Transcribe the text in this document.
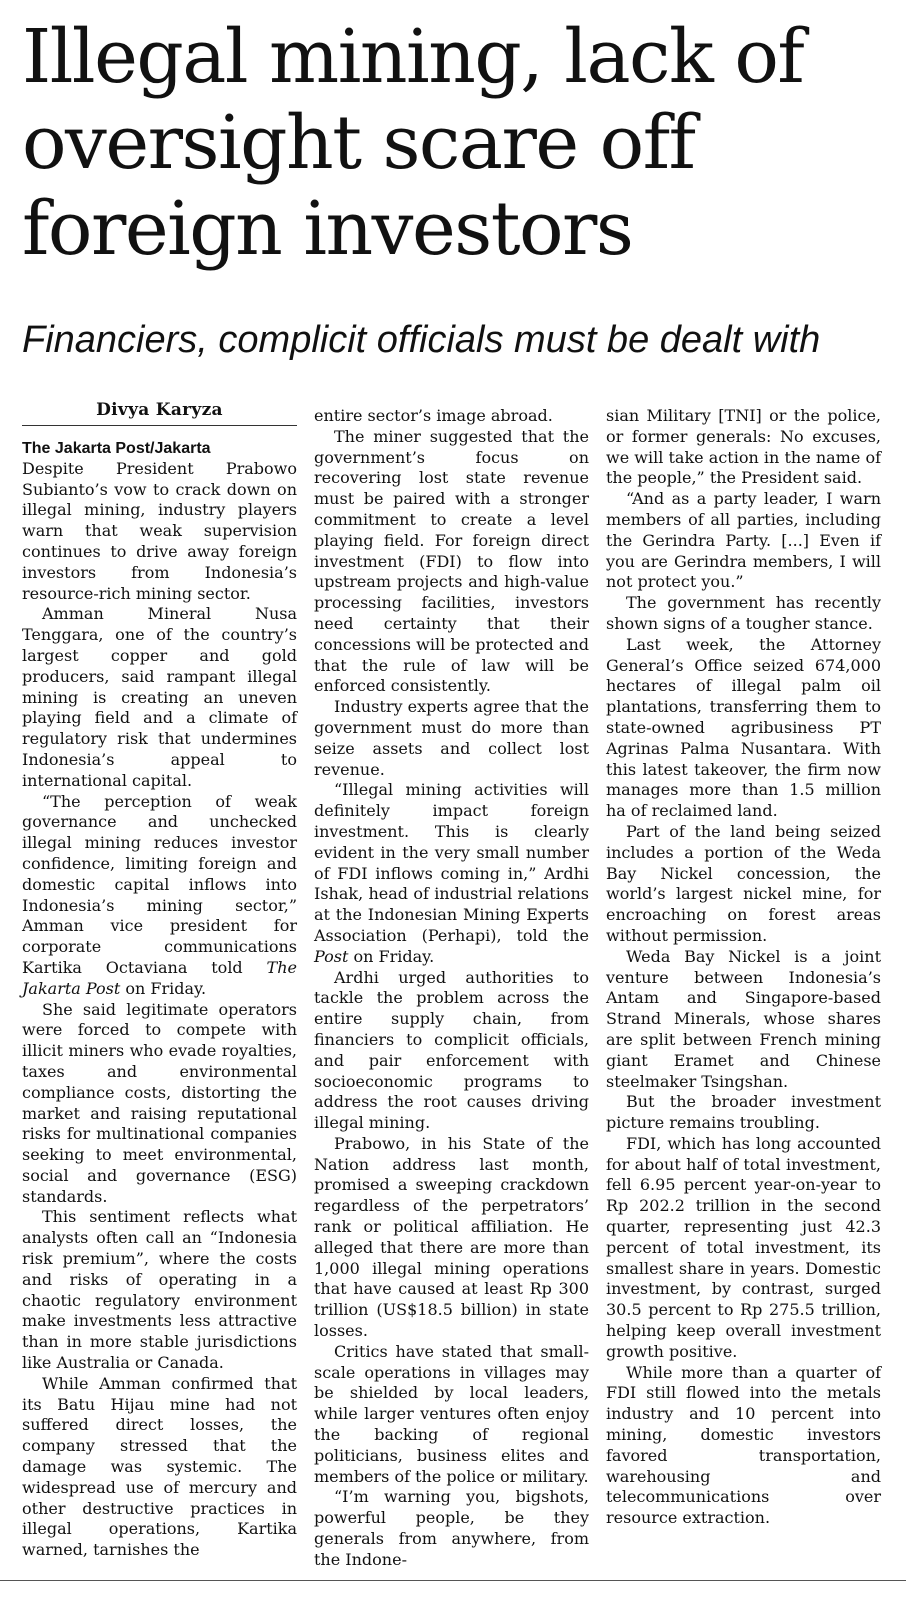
Illegal mining, lack of oversight scare off foreign investors
Financiers, complicit officials must be dealt with
Divya Karyza
The Jakarta Post/Jakarta

Despite President Prabowo Subianto’s vow to crack down on illegal mining, industry players warn that weak supervision continues to drive away foreign investors from Indonesia’s resource-rich mining sector.

Amman Mineral Nusa Tenggara, one of the country’s largest copper and gold producers, said rampant illegal mining is creating an uneven playing field and a climate of regulatory risk that undermines Indonesia’s appeal to international capital.

“The perception of weak governance and unchecked illegal mining reduces investor confidence, limiting foreign and domestic capital inflows into Indonesia’s mining sector,” Amman vice president for corporate communications Kartika Octaviana told The Jakarta Post on Friday.

She said legitimate operators were forced to compete with illicit miners who evade royalties, taxes and environmental compliance costs, distorting the market and raising reputational risks for multinational companies seeking to meet environmental, social and governance (ESG) standards.

This sentiment reflects what analysts often call an “Indonesia risk premium”, where the costs and risks of operating in a chaotic regulatory environment make investments less attractive than in more stable jurisdictions like Australia or Canada.

While Amman confirmed that its Batu Hijau mine had not suffered direct losses, the company stressed that the damage was systemic. The widespread use of mercury and other destructive practices in illegal operations, Kartika warned, tarnishes the

entire sector’s image abroad.

The miner suggested that the government’s focus on recovering lost state revenue must be paired with a stronger commitment to create a level playing field. For foreign direct investment (FDI) to flow into upstream projects and high-value processing facilities, investors need certainty that their concessions will be protected and that the rule of law will be enforced consistently.

Industry experts agree that the government must do more than seize assets and collect lost revenue.

“Illegal mining activities will definitely impact foreign investment. This is clearly evident in the very small number of FDI inflows coming in,” Ardhi Ishak, head of industrial relations at the Indonesian Mining Experts Association (Perhapi), told the Post on Friday.

Ardhi urged authorities to tackle the problem across the entire supply chain, from financiers to complicit officials, and pair enforcement with socioeconomic programs to address the root causes driving illegal mining.

Prabowo, in his State of the Nation address last month, promised a sweeping crackdown regardless of the perpetrators’ rank or political affiliation. He alleged that there are more than 1,000 illegal mining operations that have caused at least Rp 300 trillion (US$18.5 billion) in state losses.

Critics have stated that small-scale operations in villages may be shielded by local leaders, while larger ventures often enjoy the backing of regional politicians, business elites and members of the police or military.

“I’m warning you, bigshots, powerful people, be they generals from anywhere, from the Indone-

sian Military [TNI] or the police, or former generals: No excuses, we will take action in the name of the people,” the President said.

“And as a party leader, I warn members of all parties, including the Gerindra Party. [...] Even if you are Gerindra members, I will not protect you.”

The government has recently shown signs of a tougher stance.

Last week, the Attorney General’s Office seized 674,000 hectares of illegal palm oil plantations, transferring them to state-owned agribusiness PT Agrinas Palma Nusantara. With this latest takeover, the firm now manages more than 1.5 million ha of reclaimed land.

Part of the land being seized includes a portion of the Weda Bay Nickel concession, the world’s largest nickel mine, for encroaching on forest areas without permission.

Weda Bay Nickel is a joint venture between Indonesia’s Antam and Singapore-based Strand Minerals, whose shares are split between French mining giant Eramet and Chinese steelmaker Tsingshan.

But the broader investment picture remains troubling.

FDI, which has long accounted for about half of total investment, fell 6.95 percent year-on-year to Rp 202.2 trillion in the second quarter, representing just 42.3 percent of total investment, its smallest share in years. Domestic investment, by contrast, surged 30.5 percent to Rp 275.5 trillion, helping keep overall investment growth positive.

While more than a quarter of FDI still flowed into the metals industry and 10 percent into mining, domestic investors favored transportation, warehousing and telecommunications over resource extraction.
